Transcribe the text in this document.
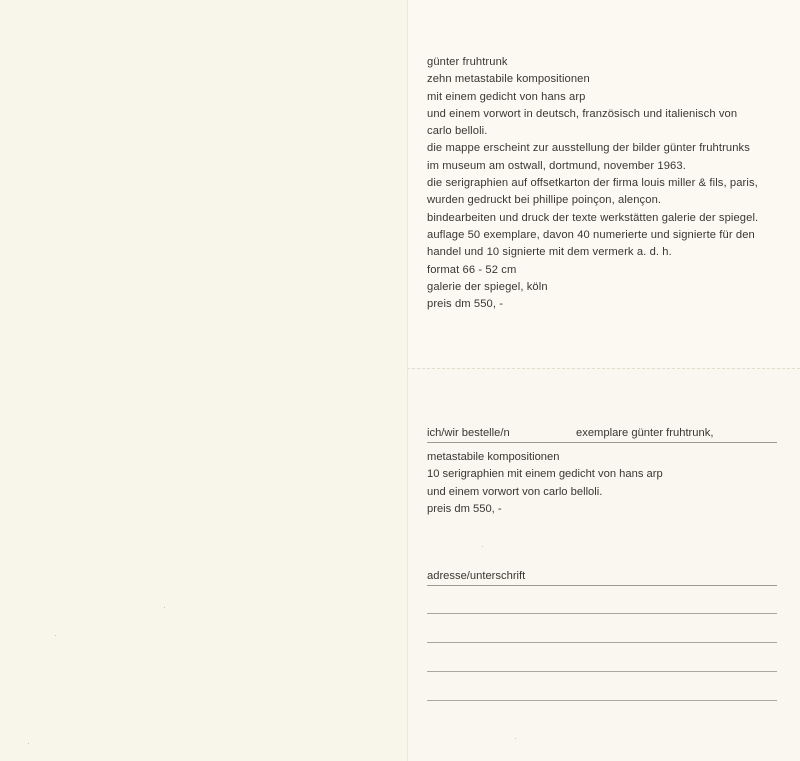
günter fruhtrunk
zehn metastabile kompositionen
mit einem gedicht von hans arp
und einem vorwort in deutsch, französisch und italienisch von
carlo belloli.
die mappe erscheint zur ausstellung der bilder günter fruhtrunks
im museum am ostwall, dortmund, november 1963.
die serigraphien auf offsetkarton der firma louis miller & fils, paris,
wurden gedruckt bei phillipe poinçon, alençon.
bindearbeiten und druck der texte werkstätten galerie der spiegel.
auflage 50 exemplare, davon 40 numerierte und signierte für den
handel und 10 signierte mit dem vermerk a. d. h.
format 66 - 52 cm
galerie der spiegel, köln
preis dm 550, -
ich/wir bestelle/n	exemplare günter fruhtrunk,
metastabile kompositionen
10 serigraphien mit einem gedicht von hans arp
und einem vorwort von carlo belloli.
preis dm 550, -
adresse/unterschrift
